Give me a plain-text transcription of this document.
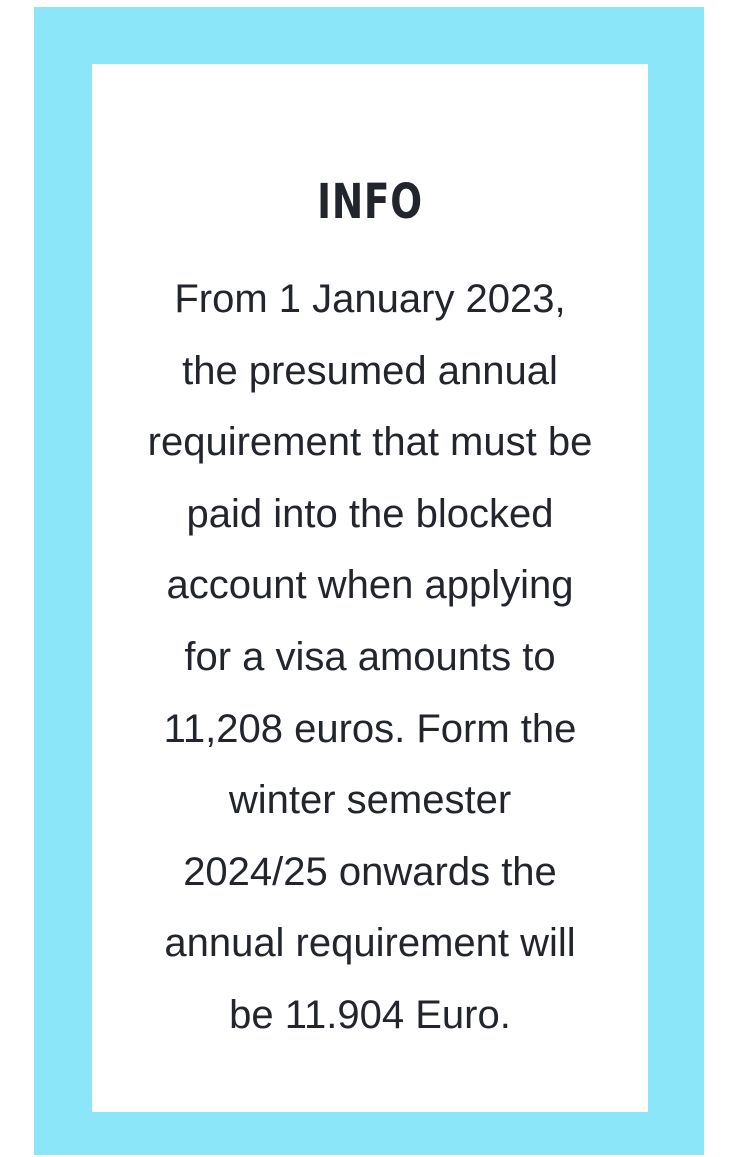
INFO
From 1 January 2023,
the presumed annual
requirement that must be
paid into the blocked
account when applying
for a visa amounts to
11,208 euros. Form the
winter semester
2024/25 onwards the
annual requirement will
be 11.904 Euro.
